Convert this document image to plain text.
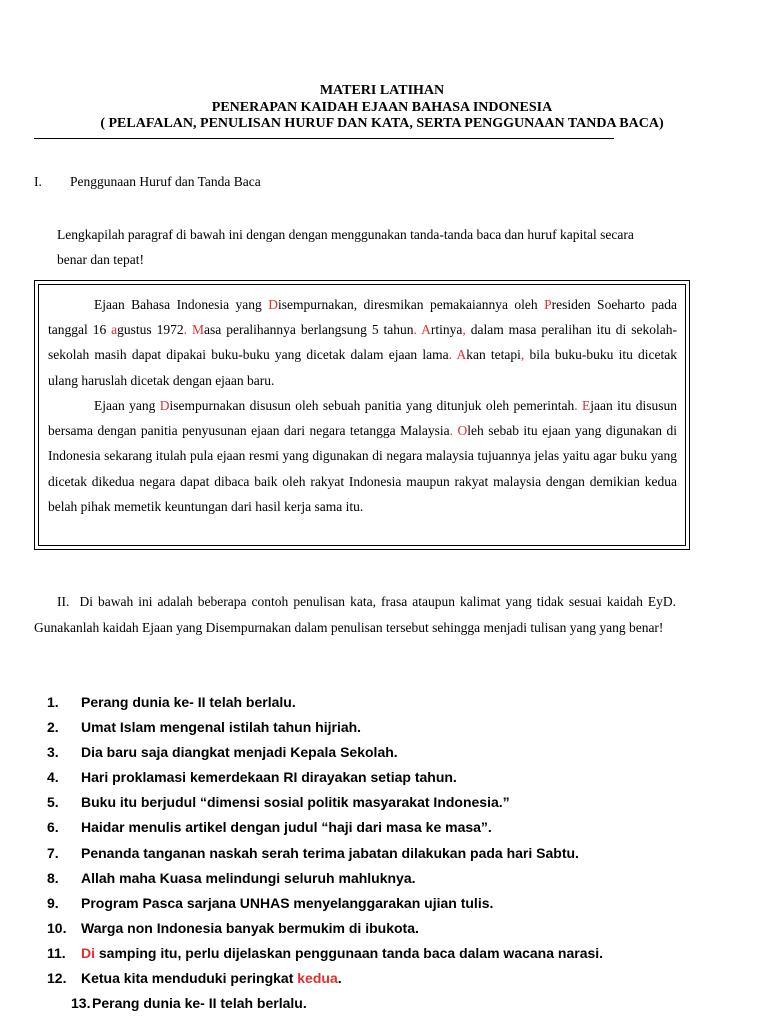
MATERI LATIHAN
PENERAPAN KAIDAH EJAAN BAHASA INDONESIA
( PELAFALAN, PENULISAN HURUF DAN KATA, SERTA PENGGUNAAN TANDA BACA)
I. Penggunaan Huruf dan Tanda Baca
Lengkapilah paragraf di bawah ini dengan dengan menggunakan tanda-tanda baca dan huruf kapital secara benar dan tepat!
Ejaan Bahasa Indonesia yang Disempurnakan, diresmikan pemakaiannya oleh Presiden Soeharto pada tanggal 16 agustus 1972. Masa peralihannya berlangsung 5 tahun. Artinya, dalam masa peralihan itu di sekolah-sekolah masih dapat dipakai buku-buku yang dicetak dalam ejaan lama. Akan tetapi, bila buku-buku itu dicetak ulang haruslah dicetak dengan ejaan baru.
Ejaan yang Disempurnakan disusun oleh sebuah panitia yang ditunjuk oleh pemerintah. Ejaan itu disusun bersama dengan panitia penyusunan ejaan dari negara tetangga Malaysia. Oleh sebab itu ejaan yang digunakan di Indonesia sekarang itulah pula ejaan resmi yang digunakan di negara malaysia tujuannya jelas yaitu agar buku yang dicetak dikedua negara dapat dibaca baik oleh rakyat Indonesia maupun rakyat malaysia dengan demikian kedua belah pihak memetik keuntungan dari hasil kerja sama itu.
II. Di bawah ini adalah beberapa contoh penulisan kata, frasa ataupun kalimat yang tidak sesuai kaidah EyD. Gunakanlah kaidah Ejaan yang Disempurnakan dalam penulisan tersebut sehingga menjadi tulisan yang yang benar!
1. Perang dunia ke- II telah berlalu.
2. Umat Islam mengenal istilah tahun hijriah.
3. Dia baru saja diangkat menjadi Kepala Sekolah.
4. Hari proklamasi kemerdekaan RI dirayakan setiap tahun.
5. Buku itu berjudul “dimensi sosial politik masyarakat Indonesia.”
6. Haidar menulis artikel dengan judul “haji dari masa ke masa”.
7. Penanda tanganan naskah serah terima jabatan dilakukan pada hari Sabtu.
8. Allah maha Kuasa melindungi seluruh mahluknya.
9. Program Pasca sarjana UNHAS menyelanggarakan ujian tulis.
10. Warga non Indonesia banyak bermukim di ibukota.
11. Di samping itu, perlu dijelaskan penggunaan tanda baca dalam wacana narasi.
12. Ketua kita menduduki peringkat kedua.
13. Perang dunia ke- II telah berlalu.
